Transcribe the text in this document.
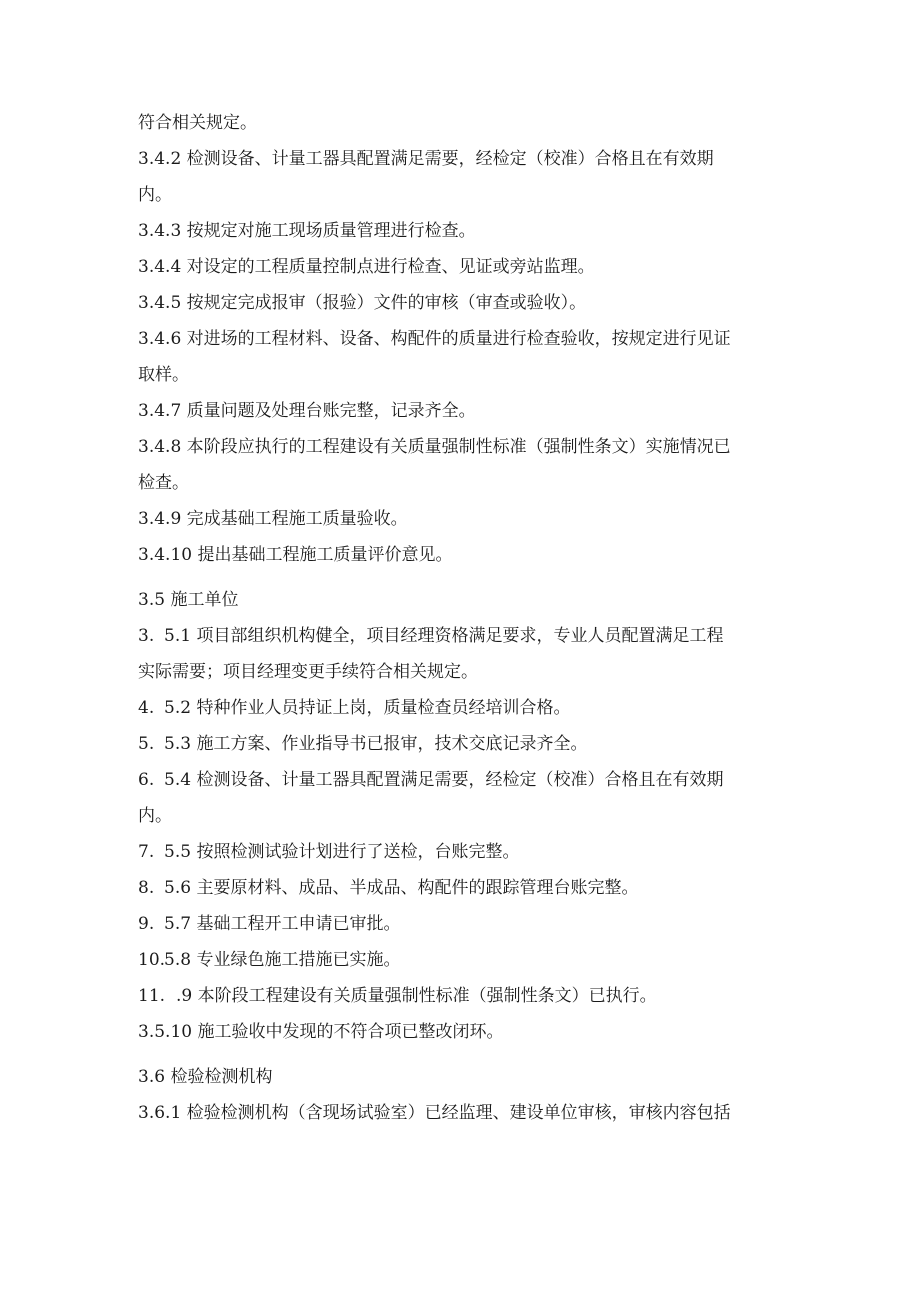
符合相关规定。
3.4.2 检测设备、计量工器具配置满足需要，经检定（校准）合格且在有效期
内。
3.4.3 按规定对施工现场质量管理进行检查。
3.4.4 对设定的工程质量控制点进行检查、见证或旁站监理。
3.4.5 按规定完成报审（报验）文件的审核（审查或验收）。
3.4.6 对进场的工程材料、设备、构配件的质量进行检查验收，按规定进行见证
取样。
3.4.7 质量问题及处理台账完整，记录齐全。
3.4.8 本阶段应执行的工程建设有关质量强制性标准（强制性条文）实施情况已
检查。
3.4.9 完成基础工程施工质量验收。
3.4.10 提出基础工程施工质量评价意见。
3.5 施工单位
3. 5.1 项目部组织机构健全，项目经理资格满足要求，专业人员配置满足工程
实际需要；项目经理变更手续符合相关规定。
4. 5.2 特种作业人员持证上岗，质量检查员经培训合格。
5. 5.3 施工方案、作业指导书已报审，技术交底记录齐全。
6. 5.4 检测设备、计量工器具配置满足需要，经检定（校准）合格且在有效期
内。
7. 5.5 按照检测试验计划进行了送检，台账完整。
8. 5.6 主要原材料、成品、半成品、构配件的跟踪管理台账完整。
9. 5.7 基础工程开工申请已审批。
10.5.8 专业绿色施工措施已实施。
11. .9 本阶段工程建设有关质量强制性标准（强制性条文）已执行。
3.5.10 施工验收中发现的不符合项已整改闭环。
3.6 检验检测机构
3.6.1 检验检测机构（含现场试验室）已经监理、建设单位审核，审核内容包括
